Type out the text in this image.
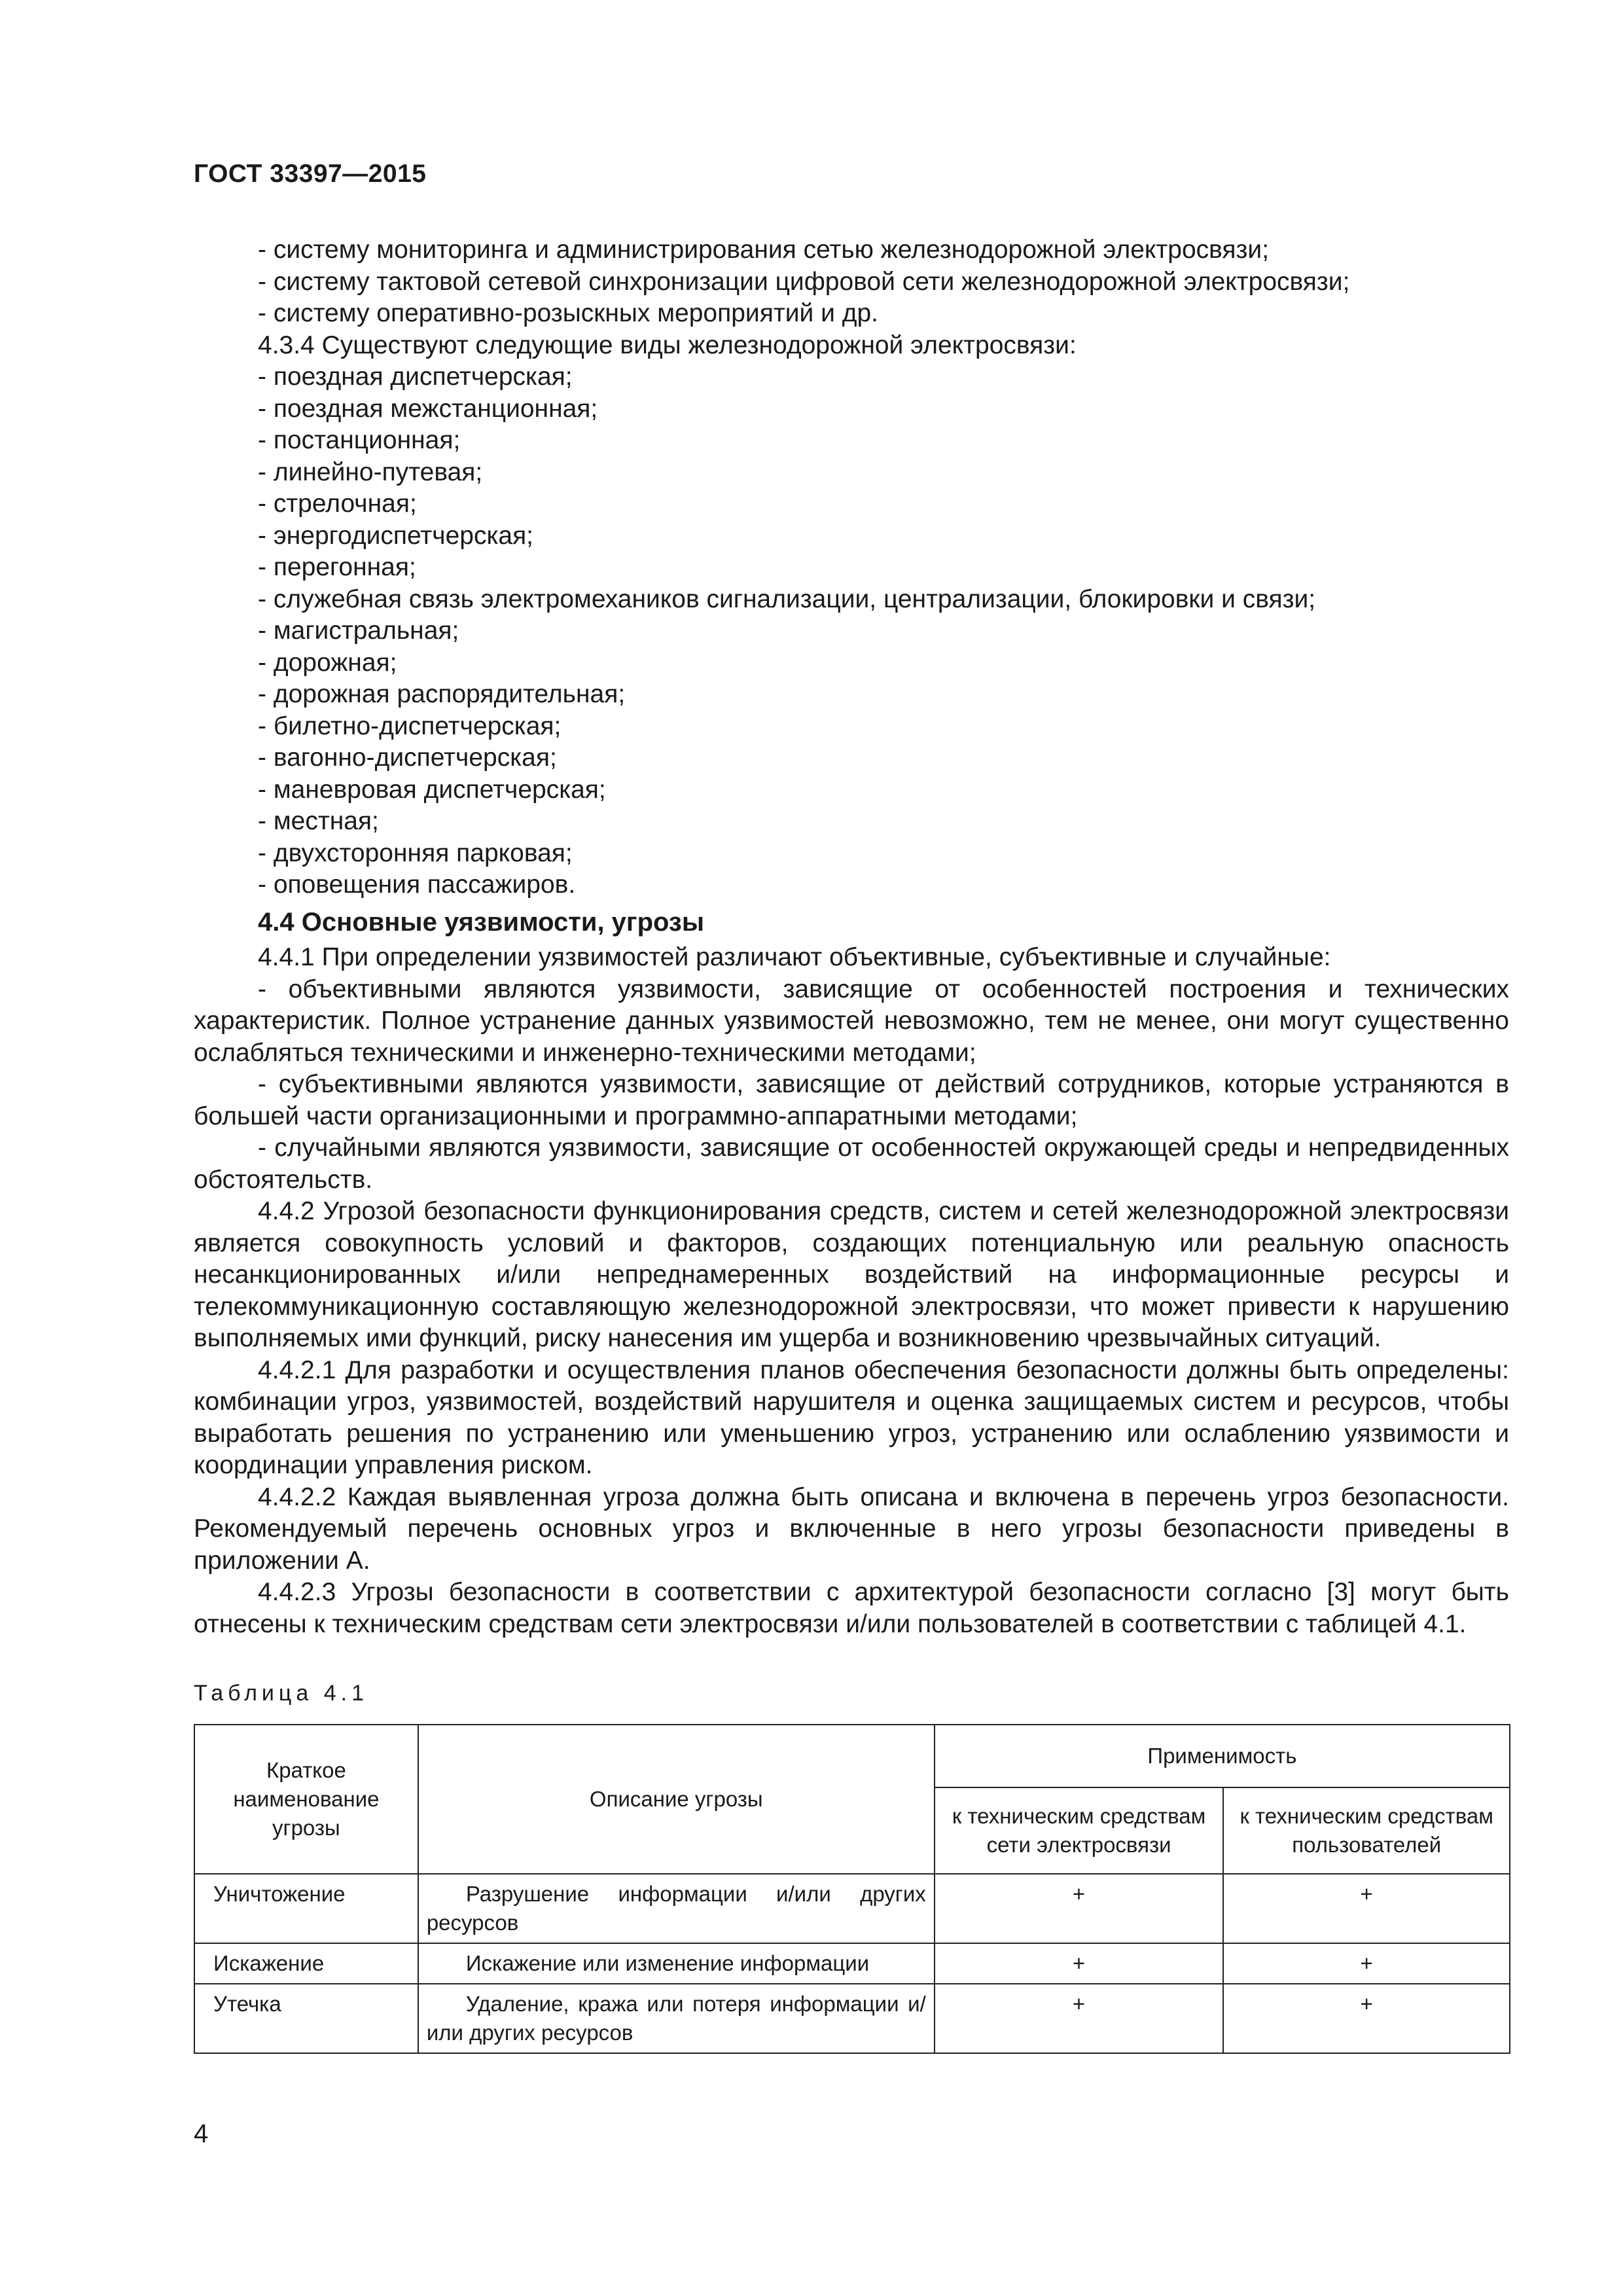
ГОСТ 33397—2015

- систему мониторинга и администрирования сетью железнодорожной электросвязи;

- систему тактовой сетевой синхронизации цифровой сети железнодорожной электросвязи;

- систему оперативно-розыскных мероприятий и др.

4.3.4 Существуют следующие виды железнодорожной электросвязи:

- поездная диспетчерская;

- поездная межстанционная;

- постанционная;

- линейно-путевая;

- стрелочная;

- энергодиспетчерская;

- перегонная;

- служебная связь электромехаников сигнализации, централизации, блокировки и связи;

- магистральная;

- дорожная;

- дорожная распорядительная;

- билетно-диспетчерская;

- вагонно-диспетчерская;

- маневровая диспетчерская;

- местная;

- двухсторонняя парковая;

- оповещения пассажиров.

4.4 Основные уязвимости, угрозы

4.4.1 При определении уязвимостей различают объективные, субъективные и случайные:

- объективными являются уязвимости, зависящие от особенностей построения и технических характеристик. Полное устранение данных уязвимостей невозможно, тем не менее, они могут существенно ослабляться техническими и инженерно-техническими методами;

- субъективными являются уязвимости, зависящие от действий сотрудников, которые устраняются в большей части организационными и программно-аппаратными методами;

- случайными являются уязвимости, зависящие от особенностей окружающей среды и непредвиденных обстоятельств.

4.4.2 Угрозой безопасности функционирования средств, систем и сетей железнодорожной электросвязи является совокупность условий и факторов, создающих потенциальную или реальную опасность несанкционированных и/или непреднамеренных воздействий на информационные ресурсы и телекоммуникационную составляющую железнодорожной электросвязи, что может привести к нарушению выполняемых ими функций, риску нанесения им ущерба и возникновению чрезвычайных ситуаций.

4.4.2.1 Для разработки и осуществления планов обеспечения безопасности должны быть определены: комбинации угроз, уязвимостей, воздействий нарушителя и оценка защищаемых систем и ресурсов, чтобы выработать решения по устранению или уменьшению угроз, устранению или ослаблению уязвимости и координации управления риском.

4.4.2.2 Каждая выявленная угроза должна быть описана и включена в перечень угроз безопасности. Рекомендуемый перечень основных угроз и включенные в него угрозы безопасности приведены в приложении А.

4.4.2.3 Угрозы безопасности в соответствии с архитектурой безопасности согласно [3] могут быть отнесены к техническим средствам сети электросвязи и/или пользователей в соответствии с таблицей 4.1.

Таблица 4.1
Краткое наименование угрозы	Описание угрозы	Применимость	
		к техническим средствам сети электросвязи	к техническим средствам пользователей
Уничтожение	Разрушение информации и/или других ресурсов	+	+
Искажение	Искажение или изменение информации	+	+
Утечка	Удаление, кража или потеря информации и/или других ресурсов	+	+
4
